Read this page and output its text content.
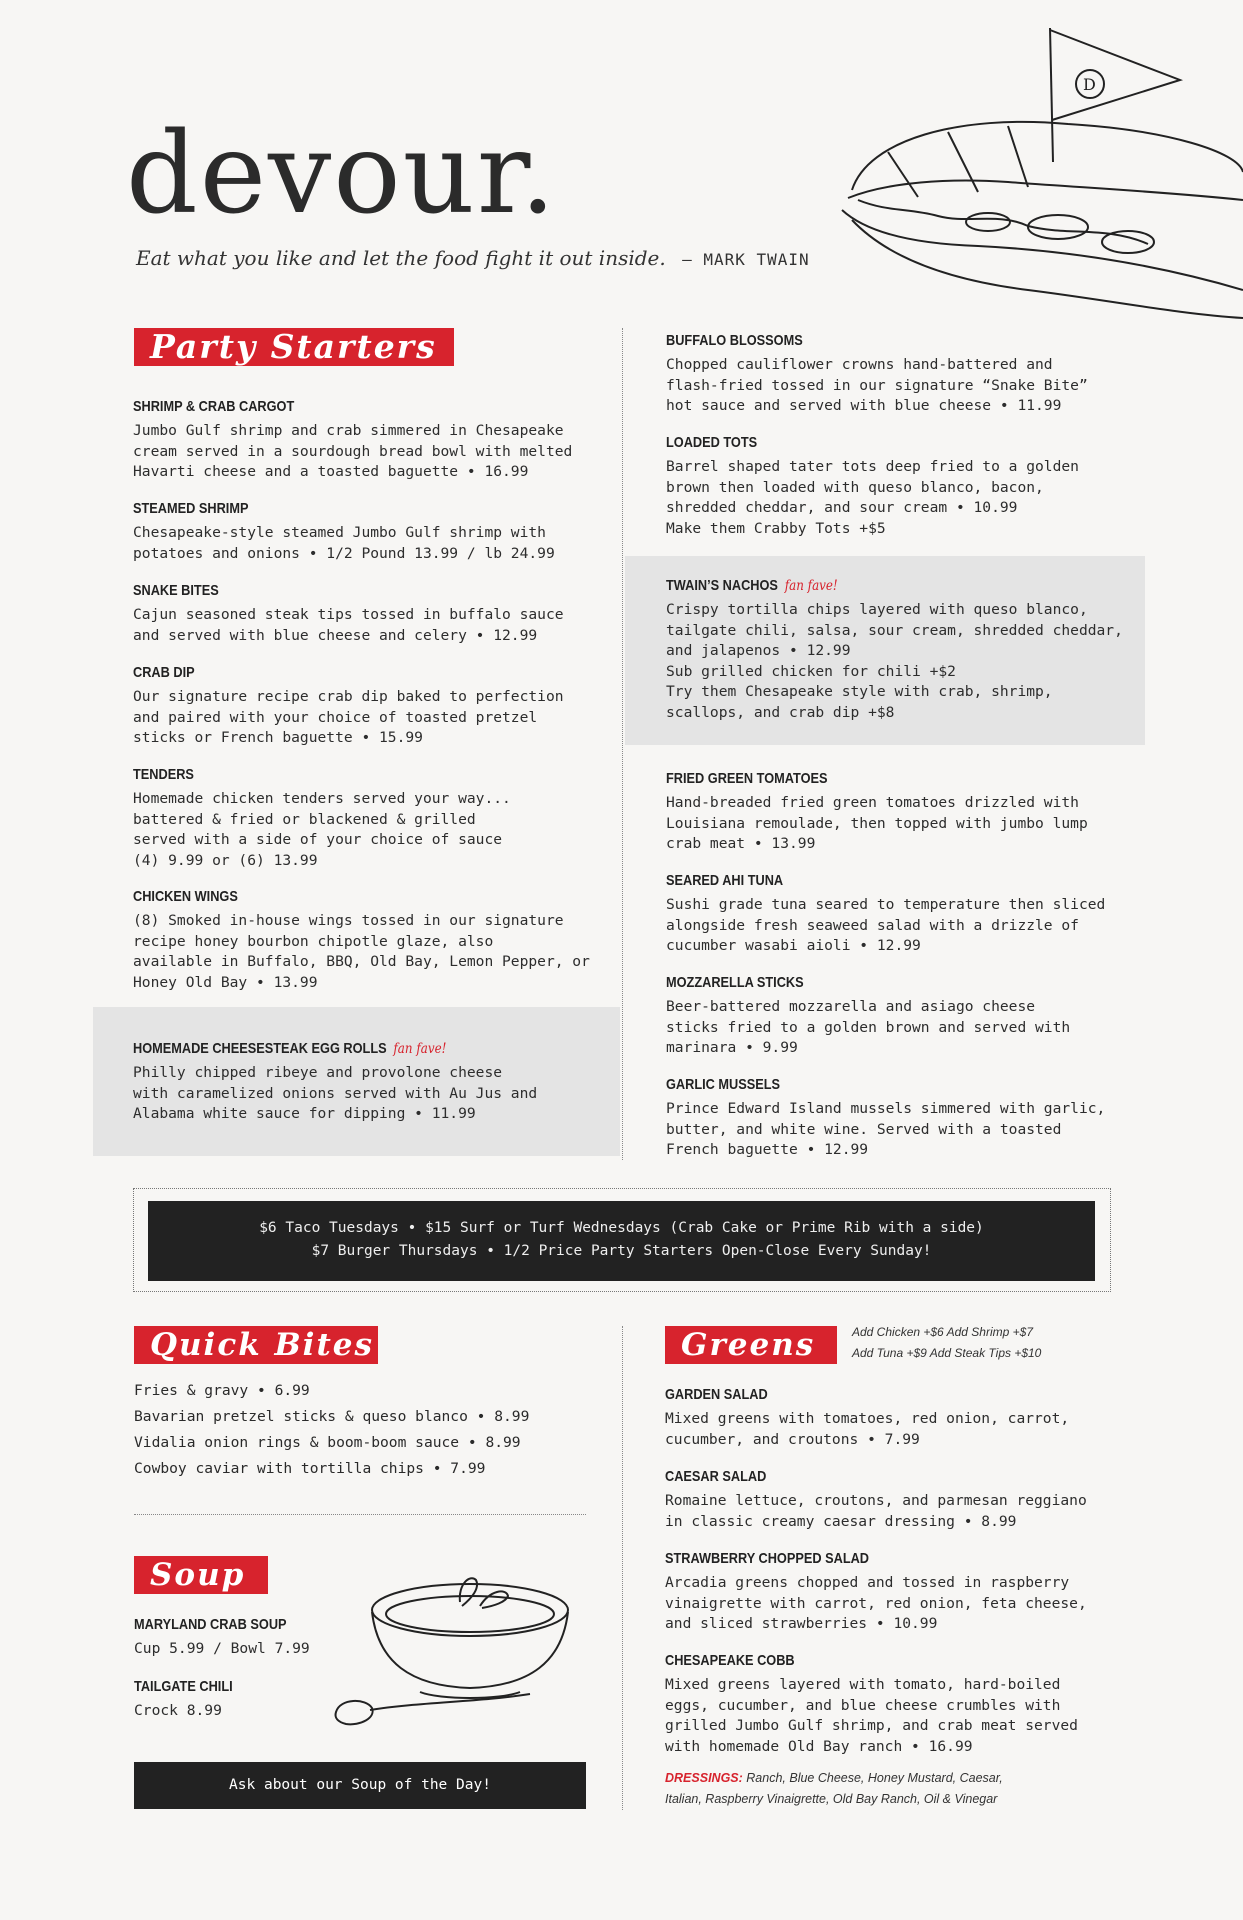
devour.
Eat what you like and let the food fight it out inside. — MARK TWAIN
D
Party Starters
SHRIMP & CRAB CARGOT
Jumbo Gulf shrimp and crab simmered in Chesapeake
cream served in a sourdough bread bowl with melted
Havarti cheese and a toasted baguette • 16.99
STEAMED SHRIMP
Chesapeake-style steamed Jumbo Gulf shrimp with
potatoes and onions • 1/2 Pound 13.99 / lb 24.99
SNAKE BITES
Cajun seasoned steak tips tossed in buffalo sauce
and served with blue cheese and celery • 12.99
CRAB DIP
Our signature recipe crab dip baked to perfection
and paired with your choice of toasted pretzel
sticks or French baguette • 15.99
TENDERS
Homemade chicken tenders served your way...
battered & fried or blackened & grilled
served with a side of your choice of sauce
(4) 9.99 or (6) 13.99
CHICKEN WINGS
(8) Smoked in-house wings tossed in our signature
recipe honey bourbon chipotle glaze, also
available in Buffalo, BBQ, Old Bay, Lemon Pepper, or
Honey Old Bay • 13.99
HOMEMADE CHEESESTEAK EGG ROLLS fan fave!
Philly chipped ribeye and provolone cheese
with caramelized onions served with Au Jus and
Alabama white sauce for dipping • 11.99
BUFFALO BLOSSOMS
Chopped cauliflower crowns hand-battered and
flash-fried tossed in our signature “Snake Bite”
hot sauce and served with blue cheese • 11.99
LOADED TOTS
Barrel shaped tater tots deep fried to a golden
brown then loaded with queso blanco, bacon,
shredded cheddar, and sour cream • 10.99
Make them Crabby Tots +$5
TWAIN’S NACHOS fan fave!
Crispy tortilla chips layered with queso blanco,
tailgate chili, salsa, sour cream, shredded cheddar,
and jalapenos • 12.99
Sub grilled chicken for chili +$2
Try them Chesapeake style with crab, shrimp,
scallops, and crab dip +$8
FRIED GREEN TOMATOES
Hand-breaded fried green tomatoes drizzled with
Louisiana remoulade, then topped with jumbo lump
crab meat • 13.99
SEARED AHI TUNA
Sushi grade tuna seared to temperature then sliced
alongside fresh seaweed salad with a drizzle of
cucumber wasabi aioli • 12.99
MOZZARELLA STICKS
Beer-battered mozzarella and asiago cheese
sticks fried to a golden brown and served with
marinara • 9.99
GARLIC MUSSELS
Prince Edward Island mussels simmered with garlic,
butter, and white wine. Served with a toasted
French baguette • 12.99
$6 Taco Tuesdays • $15 Surf or Turf Wednesdays (Crab Cake or Prime Rib with a side)
$7 Burger Thursdays • 1/2 Price Party Starters Open-Close Every Sunday!
Quick Bites
Fries & gravy • 6.99
Bavarian pretzel sticks & queso blanco • 8.99
Vidalia onion rings & boom-boom sauce • 8.99
Cowboy caviar with tortilla chips • 7.99
Soup
MARYLAND CRAB SOUP
Cup 5.99 / Bowl 7.99
TAILGATE CHILI
Crock 8.99
Ask about our Soup of the Day!
Greens	Add Chicken +$6 Add Shrimp +$7
Add Tuna +$9 Add Steak Tips +$10
GARDEN SALAD
Mixed greens with tomatoes, red onion, carrot,
cucumber, and croutons • 7.99
CAESAR SALAD
Romaine lettuce, croutons, and parmesan reggiano
in classic creamy caesar dressing • 8.99
STRAWBERRY CHOPPED SALAD
Arcadia greens chopped and tossed in raspberry
vinaigrette with carrot, red onion, feta cheese,
and sliced strawberries • 10.99
CHESAPEAKE COBB
Mixed greens layered with tomato, hard-boiled
eggs, cucumber, and blue cheese crumbles with
grilled Jumbo Gulf shrimp, and crab meat served
with homemade Old Bay ranch • 16.99
DRESSINGS: Ranch, Blue Cheese, Honey Mustard, Caesar,
Italian, Raspberry Vinaigrette, Old Bay Ranch, Oil & Vinegar
